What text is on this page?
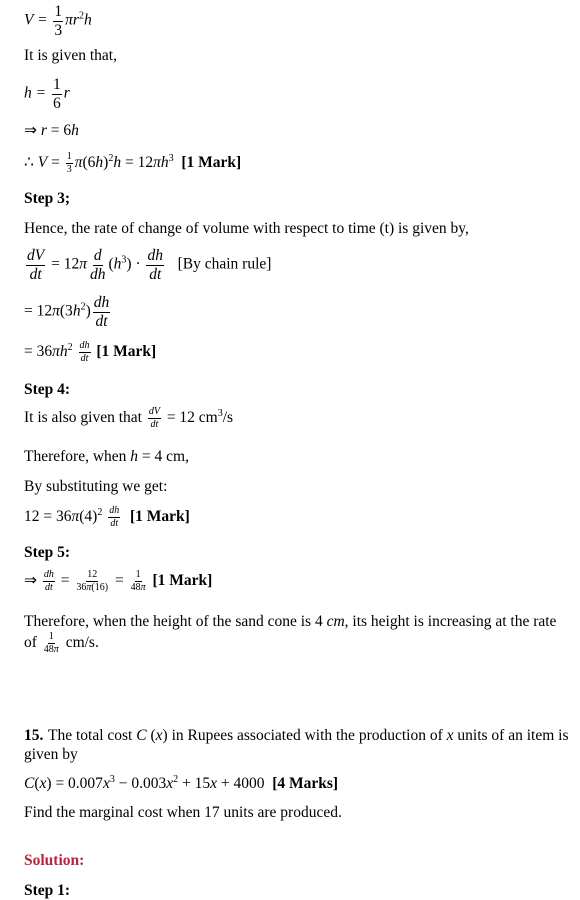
$V = \frac{1}{3} \pi r^2h$
It is given that,
$h = \frac{1}{6}$ r
⇒ r = 6h
∴ $V = \frac{1}{3} \pi(6h)^2h = 12\pi h^3$ [1 Mark]
Step 3;
Hence, the rate of change of volume with respect to time (t) is given by,
$\frac{dV}{dt} = 12\pi \frac{d}{dh} (h^3) \cdot \frac{dh}{dt} [By$ chain rule]
= $12\pi(3h^2) \frac{dh}{dt}$
= $36\pi h^2 \frac{dh}{dt} [1$ Mark]
Step 4:
It is also given that $\frac{dV}{dt} = 12$ $cm^3/s$
Therefore, when h = 4 cm,
By substituting we get:
$12 = 36\pi(4)^2 \frac{dh}{dt} [1$ Mark]
Step 5:
⇒ $\frac{dh}{dt} = \frac{12}{36\pi(16)} = \frac{1}{48\pi} [1$ Mark]
Therefore, when the height of the sand cone is 4 cm, its height is increasing at the rate
of $\frac{1}{48\pi} cm/s$.
15. The total cost C (x) in Rupees associated with the production of x units of an item is
given by
$C(x) = 0.007x^3 - 0.003x^2 + 15x + 4000$  [4 Marks]
Find the marginal cost when 17 units are produced.
Solution:
Step 1:
